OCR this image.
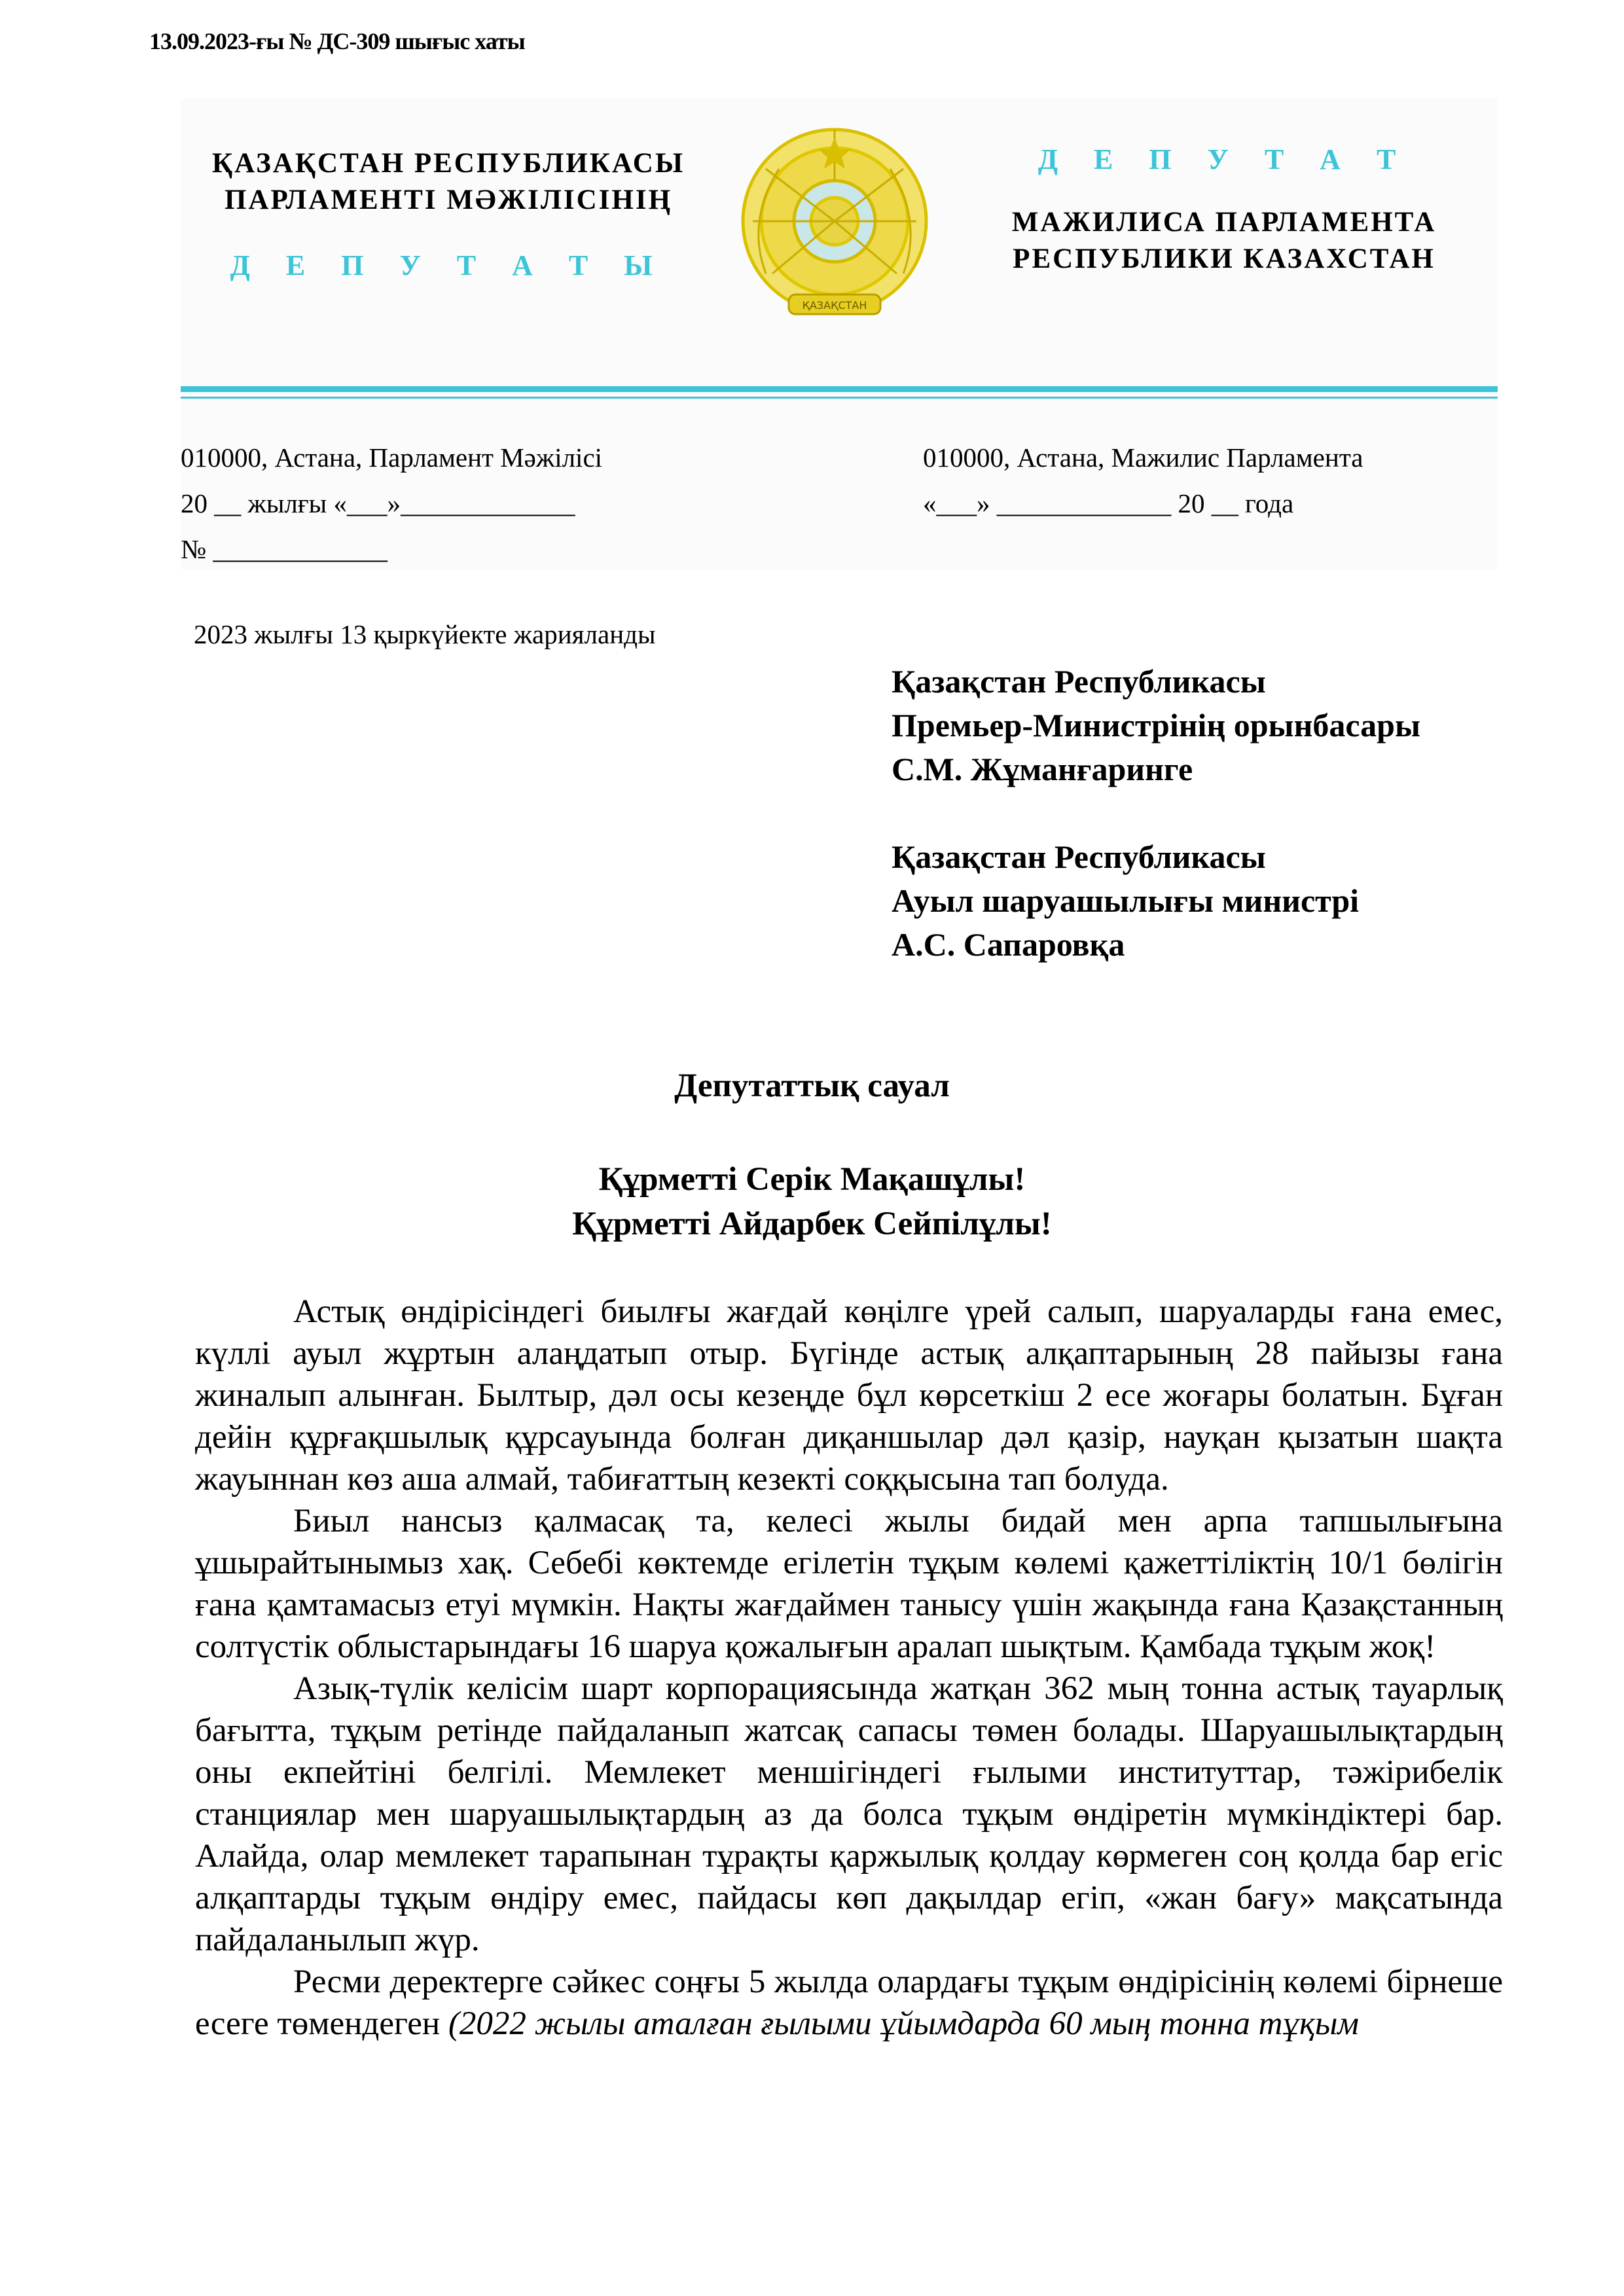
13.09.2023-ғы № ДС-309 шығыс хаты
ҚАЗАҚСТАН РЕСПУБЛИКАСЫ
ПАРЛАМЕНТІ МӘЖІЛІСІНІҢ
Д Е П У Т А Т Ы
ҚАЗАҚСТАН
Д Е П У Т А Т
МАЖИЛИСА ПАРЛАМЕНТА
РЕСПУБЛИКИ КАЗАХСТАН
010000, Астана, Парламент Мәжілісі
20 __ жылғы «___»_____________
№ _____________
010000, Астана, Мажилис Парламента
«___» _____________ 20 __ года
2023 жылғы 13 қыркүйекте жарияланды
Қазақстан Республикасы
Премьер-Министрінің орынбасары
С.М. Жұманғаринге
Қазақстан Республикасы
Ауыл шаруашылығы министрі
А.С. Сапаровқа
Депутаттық сауал
Құрметті Серік Мақашұлы!
Құрметті Айдарбек Сейпілұлы!

Астық өндірісіндегі биылғы жағдай көңілге үрей салып, шаруаларды ғана емес, күллі ауыл жұртын алаңдатып отыр. Бүгінде астық алқаптарының 28 пайызы ғана жиналып алынған. Былтыр, дәл осы кезеңде бұл көрсеткіш 2 есе жоғары болатын. Бұған дейін құрғақшылық құрсауында болған диқаншылар дәл қазір, науқан қызатын шақта жауыннан көз аша алмай, табиғаттың кезекті соққысына тап болуда.

Биыл нансыз қалмасақ та, келесі жылы бидай мен арпа тапшылығына ұшырайтынымыз хақ. Себебі көктемде егілетін тұқым көлемі қажеттіліктің 10/1 бөлігін ғана қамтамасыз етуі мүмкін. Нақты жағдаймен танысу үшін жақында ғана Қазақстанның солтүстік облыстарындағы 16 шаруа қожалығын аралап шықтым. Қамбада тұқым жоқ!

Азық-түлік келісім шарт корпорациясында жатқан 362 мың тонна астық тауарлық бағытта, тұқым ретінде пайдаланып жатсақ сапасы төмен болады. Шаруашылықтардың оны екпейтіні белгілі. Мемлекет меншігіндегі ғылыми институттар, тәжірибелік станциялар мен шаруашылықтардың аз да болса тұқым өндіретін мүмкіндіктері бар. Алайда, олар мемлекет тарапынан тұрақты қаржылық қолдау көрмеген соң қолда бар егіс алқаптарды тұқым өндіру емес, пайдасы көп дақылдар егіп, «жан бағу» мақсатында пайдаланылып жүр.

Ресми деректерге сәйкес соңғы 5 жылда олардағы тұқым өндірісінің көлемі бірнеше есеге төмендеген (2022 жылы аталған ғылыми ұйымдарда 60 мың тонна тұқым
